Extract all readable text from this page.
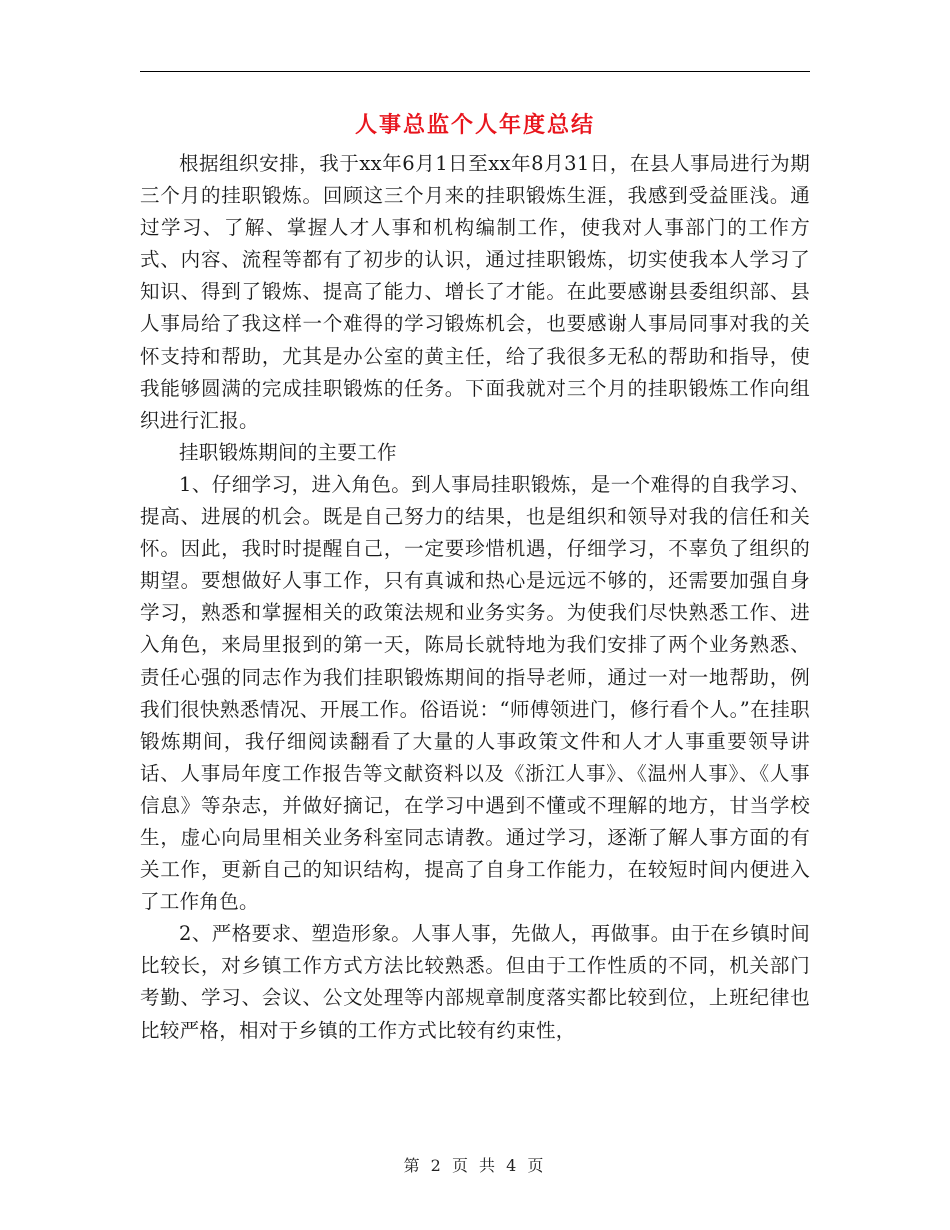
人事总监个人年度总结

根据组织安排，我于xx年6月1日至xx年8月31日，在县人事局进行为期三个月的挂职锻炼。回顾这三个月来的挂职锻炼生涯，我感到受益匪浅。通过学习、了解、掌握人才人事和机构编制工作，使我对人事部门的工作方式、内容、流程等都有了初步的认识，通过挂职锻炼，切实使我本人学习了知识、得到了锻炼、提高了能力、增长了才能。在此要感谢县委组织部、县人事局给了我这样一个难得的学习锻炼机会，也要感谢人事局同事对我的关怀支持和帮助，尤其是办公室的黄主任，给了我很多无私的帮助和指导，使我能够圆满的完成挂职锻炼的任务。下面我就对三个月的挂职锻炼工作向组织进行汇报。

挂职锻炼期间的主要工作

1、仔细学习，进入角色。到人事局挂职锻炼，是一个难得的自我学习、提高、进展的机会。既是自己努力的结果，也是组织和领导对我的信任和关怀。因此，我时时提醒自己，一定要珍惜机遇，仔细学习，不辜负了组织的期望。要想做好人事工作，只有真诚和热心是远远不够的，还需要加强自身学习，熟悉和掌握相关的政策法规和业务实务。为使我们尽快熟悉工作、进入角色，来局里报到的第一天，陈局长就特地为我们安排了两个业务熟悉、责任心强的同志作为我们挂职锻炼期间的指导老师，通过一对一地帮助，例我们很快熟悉情况、开展工作。俗语说：“师傅领进门，修行看个人。”在挂职锻炼期间，我仔细阅读翻看了大量的人事政策文件和人才人事重要领导讲话、人事局年度工作报告等文献资料以及《浙江人事》、《温州人事》、《人事信息》等杂志，并做好摘记，在学习中遇到不懂或不理解的地方，甘当学校生，虚心向局里相关业务科室同志请教。通过学习，逐渐了解人事方面的有关工作，更新自己的知识结构，提高了自身工作能力，在较短时间内便进入了工作角色。

2、严格要求、塑造形象。人事人事，先做人，再做事。由于在乡镇时间比较长，对乡镇工作方式方法比较熟悉。但由于工作性质的不同，机关部门考勤、学习、会议、公文处理等内部规章制度落实都比较到位，上班纪律也比较严格，相对于乡镇的工作方式比较有约束性，

第 2 页 共 4 页
